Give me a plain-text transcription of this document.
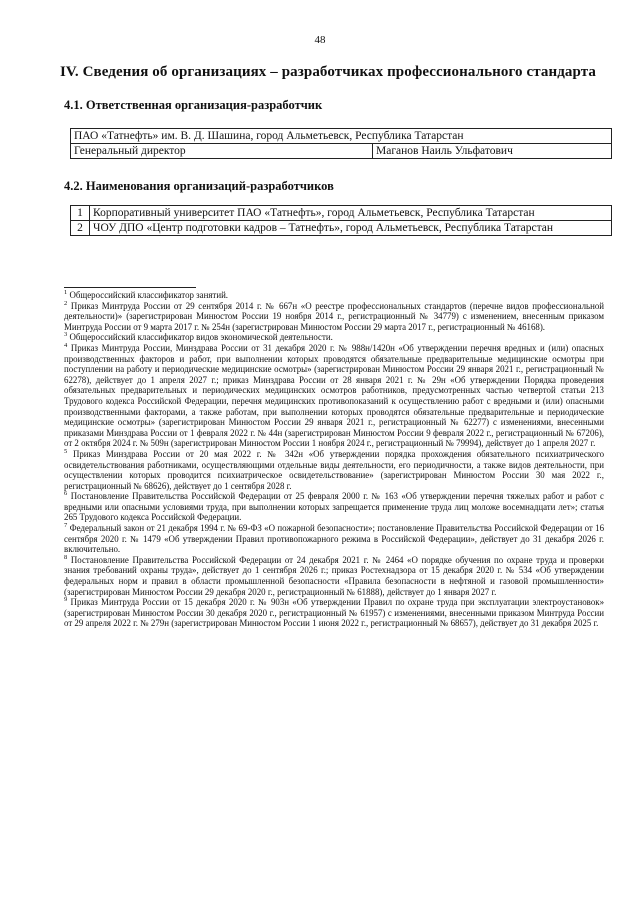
48
IV. Сведения об организациях – разработчиках профессионального стандарта
4.1. Ответственная организация-разработчик
ПАО «Татнефть» им. В. Д. Шашина, город Альметьевск, Республика Татарстан
Генеральный директор	Маганов Наиль Ульфатович
4.2. Наименования организаций-разработчиков
1	Корпоративный университет ПАО «Татнефть», город Альметьевск, Республика Татарстан
2	ЧОУ ДПО «Центр подготовки кадров – Татнефть», город Альметьевск, Республика Татарстан

$^1$ Общероссийский классификатор занятий.

$^2$ Приказ Минтруда России от 29 сентября 2014 г. № 667н «О реестре профессиональных стандартов (перечне видов профессиональной деятельности)» (зарегистрирован Минюстом России 19 ноября 2014 г., регистрационный № 34779) с изменением, внесенным приказом Минтруда России от 9 марта 2017 г. № 254н (зарегистрирован Минюстом России 29 марта 2017 г., регистрационный № 46168).

$^3$ Общероссийский классификатор видов экономической деятельности.

$^4$ Приказ Минтруда России, Минздрава России от 31 декабря 2020 г. № 988н/1420н «Об утверждении перечня вредных и (или) опасных производственных факторов и работ, при выполнении которых проводятся обязательные предварительные медицинские осмотры при поступлении на работу и периодические медицинские осмотры» (зарегистрирован Минюстом России 29 января 2021 г., регистрационный № 62278), действует до 1 апреля 2027 г.; приказ Минздрава России от 28 января 2021 г. № 29н «Об утверждении Порядка проведения обязательных предварительных и периодических медицинских осмотров работников, предусмотренных частью четвертой статьи 213 Трудового кодекса Российской Федерации, перечня медицинских противопоказаний к осуществлению работ с вредными и (или) опасными производственными факторами, а также работам, при выполнении которых проводятся обязательные предварительные и периодические медицинские осмотры» (зарегистрирован Минюстом России 29 января 2021 г., регистрационный № 62277) с изменениями, внесенными приказами Минздрава России от 1 февраля 2022 г. № 44н (зарегистрирован Минюстом России 9 февраля 2022 г., регистрационный № 67206), от 2 октября 2024 г. № 509н (зарегистрирован Минюстом России 1 ноября 2024 г., регистрационный № 79994), действует до 1 апреля 2027 г.

$^5$ Приказ Минздрава России от 20 мая 2022 г. № 342н «Об утверждении порядка прохождения обязательного психиатрического освидетельствования работниками, осуществляющими отдельные виды деятельности, его периодичности, а также видов деятельности, при осуществлении которых проводится психиатрическое освидетельствование» (зарегистрирован Минюстом России 30 мая 2022 г., регистрационный № 68626), действует до 1 сентября 2028 г.

$^6$ Постановление Правительства Российской Федерации от 25 февраля 2000 г. № 163 «Об утверждении перечня тяжелых работ и работ с вредными или опасными условиями труда, при выполнении которых запрещается применение труда лиц моложе восемнадцати лет»; статья 265 Трудового кодекса Российской Федерации.

$^7$ Федеральный закон от 21 декабря 1994 г. № 69-ФЗ «О пожарной безопасности»; постановление Правительства Российской Федерации от 16 сентября 2020 г. № 1479 «Об утверждении Правил противопожарного режима в Российской Федерации», действует до 31 декабря 2026 г. включительно.

$^8$ Постановление Правительства Российской Федерации от 24 декабря 2021 г. № 2464 «О порядке обучения по охране труда и проверки знания требований охраны труда», действует до 1 сентября 2026 г.; приказ Ростехнадзора от 15 декабря 2020 г. № 534 «Об утверждении федеральных норм и правил в области промышленной безопасности «Правила безопасности в нефтяной и газовой промышленности» (зарегистрирован Минюстом России 29 декабря 2020 г., регистрационный № 61888), действует до 1 января 2027 г.

$^9$ Приказ Минтруда России от 15 декабря 2020 г. № 903н «Об утверждении Правил по охране труда при эксплуатации электроустановок» (зарегистрирован Минюстом России 30 декабря 2020 г., регистрационный № 61957) с изменениями, внесенными приказом Минтруда России от 29 апреля 2022 г. № 279н (зарегистрирован Минюстом России 1 июня 2022 г., регистрационный № 68657), действует до 31 декабря 2025 г.
